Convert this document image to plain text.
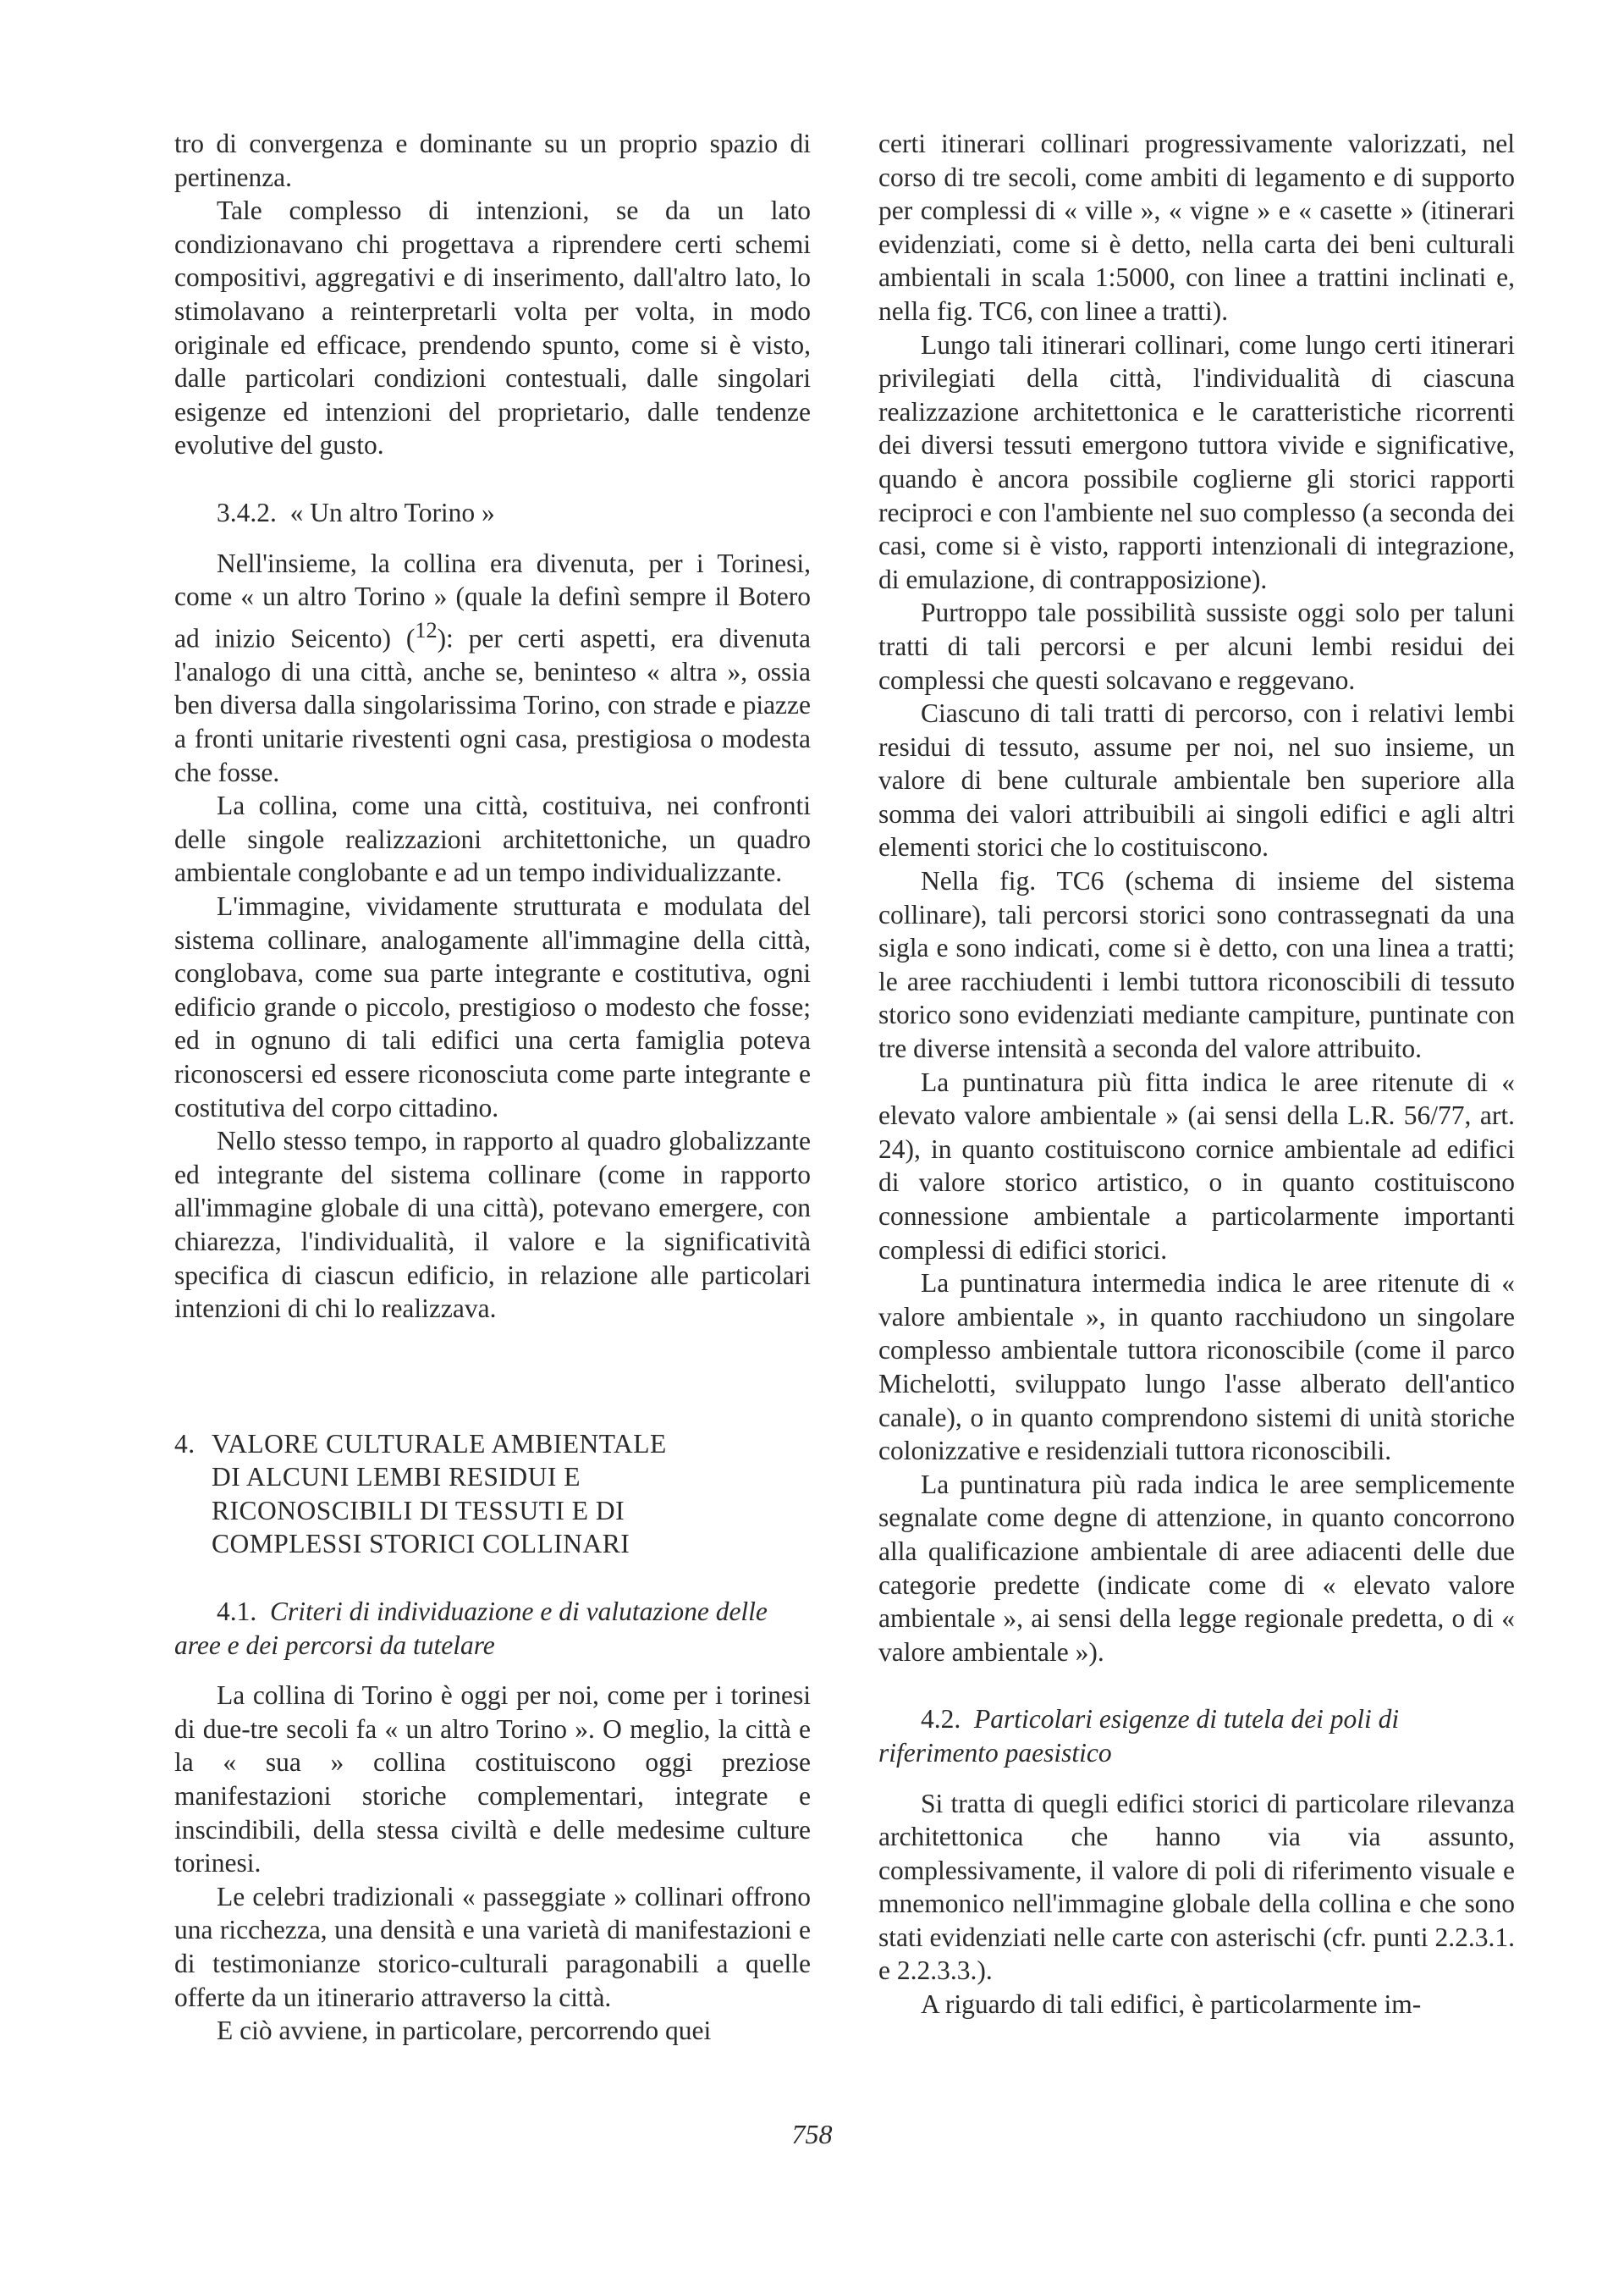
tro di convergenza e dominante su un proprio spazio di pertinenza.

Tale complesso di intenzioni, se da un lato condizionavano chi progettava a riprendere certi schemi compositivi, aggregativi e di inserimento, dall'altro lato, lo stimolavano a reinterpretarli volta per volta, in modo originale ed efficace, prendendo spunto, come si è visto, dalle particolari condizioni contestuali, dalle singolari esigenze ed intenzioni del proprietario, dalle tendenze evolutive del gusto.

3.4.2. « Un altro Torino »

Nell'insieme, la collina era divenuta, per i Torinesi, come « un altro Torino » (quale la definì sempre il Botero ad inizio Seicento) ($^{12}$): per certi aspetti, era divenuta l'analogo di una città, anche se, beninteso « altra », ossia ben diversa dalla singolarissima Torino, con strade e piazze a fronti unitarie rivestenti ogni casa, prestigiosa o modesta che fosse.

La collina, come una città, costituiva, nei confronti delle singole realizzazioni architettoniche, un quadro ambientale conglobante e ad un tempo individualizzante.

L'immagine, vividamente strutturata e modulata del sistema collinare, analogamente all'immagine della città, conglobava, come sua parte integrante e costitutiva, ogni edificio grande o piccolo, prestigioso o modesto che fosse; ed in ognuno di tali edifici una certa famiglia poteva riconoscersi ed essere riconosciuta come parte integrante e costitutiva del corpo cittadino.

Nello stesso tempo, in rapporto al quadro globalizzante ed integrante del sistema collinare (come in rapporto all'immagine globale di una città), potevano emergere, con chiarezza, l'individualità, il valore e la significatività specifica di ciascun edificio, in relazione alle particolari intenzioni di chi lo realizzava.

4. VALORE CULTURALE AMBIENTALE
DI ALCUNI LEMBI RESIDUI E
RICONOSCIBILI DI TESSUTI E DI
COMPLESSI STORICI COLLINARI

4.1. Criteri di individuazione e di valutazione delle aree e dei percorsi da tutelare

La collina di Torino è oggi per noi, come per i torinesi di due-tre secoli fa « un altro Torino ». O meglio, la città e la « sua » collina costituiscono oggi preziose manifestazioni storiche complementari, integrate e inscindibili, della stessa civiltà e delle medesime culture torinesi.

Le celebri tradizionali « passeggiate » collinari offrono una ricchezza, una densità e una varietà di manifestazioni e di testimonianze storico-culturali paragonabili a quelle offerte da un itinerario attraverso la città.

E ciò avviene, in particolare, percorrendo quei

certi itinerari collinari progressivamente valorizzati, nel corso di tre secoli, come ambiti di legamento e di supporto per complessi di « ville », « vigne » e « casette » (itinerari evidenziati, come si è detto, nella carta dei beni culturali ambientali in scala 1:5000, con linee a trattini inclinati e, nella fig. TC6, con linee a tratti).

Lungo tali itinerari collinari, come lungo certi itinerari privilegiati della città, l'individualità di ciascuna realizzazione architettonica e le caratteristiche ricorrenti dei diversi tessuti emergono tuttora vivide e significative, quando è ancora possibile coglierne gli storici rapporti reciproci e con l'ambiente nel suo complesso (a seconda dei casi, come si è visto, rapporti intenzionali di integrazione, di emulazione, di contrapposizione).

Purtroppo tale possibilità sussiste oggi solo per taluni tratti di tali percorsi e per alcuni lembi residui dei complessi che questi solcavano e reggevano.

Ciascuno di tali tratti di percorso, con i relativi lembi residui di tessuto, assume per noi, nel suo insieme, un valore di bene culturale ambientale ben superiore alla somma dei valori attribuibili ai singoli edifici e agli altri elementi storici che lo costituiscono.

Nella fig. TC6 (schema di insieme del sistema collinare), tali percorsi storici sono contrassegnati da una sigla e sono indicati, come si è detto, con una linea a tratti; le aree racchiudenti i lembi tuttora riconoscibili di tessuto storico sono evidenziati mediante campiture, puntinate con tre diverse intensità a seconda del valore attribuito.

La puntinatura più fitta indica le aree ritenute di « elevato valore ambientale » (ai sensi della L.R. 56/77, art. 24), in quanto costituiscono cornice ambientale ad edifici di valore storico artistico, o in quanto costituiscono connessione ambientale a particolarmente importanti complessi di edifici storici.

La puntinatura intermedia indica le aree ritenute di « valore ambientale », in quanto racchiudono un singolare complesso ambientale tuttora riconoscibile (come il parco Michelotti, sviluppato lungo l'asse alberato dell'antico canale), o in quanto comprendono sistemi di unità storiche colonizzative e residenziali tuttora riconoscibili.

La puntinatura più rada indica le aree semplicemente segnalate come degne di attenzione, in quanto concorrono alla qualificazione ambientale di aree adiacenti delle due categorie predette (indicate come di « elevato valore ambientale », ai sensi della legge regionale predetta, o di « valore ambientale »).

4.2. Particolari esigenze di tutela dei poli di riferimento paesistico

Si tratta di quegli edifici storici di particolare rilevanza architettonica che hanno via via assunto, complessivamente, il valore di poli di riferimento visuale e mnemonico nell'immagine globale della collina e che sono stati evidenziati nelle carte con asterischi (cfr. punti 2.2.3.1. e 2.2.3.3.).

A riguardo di tali edifici, è particolarmente im-

758
